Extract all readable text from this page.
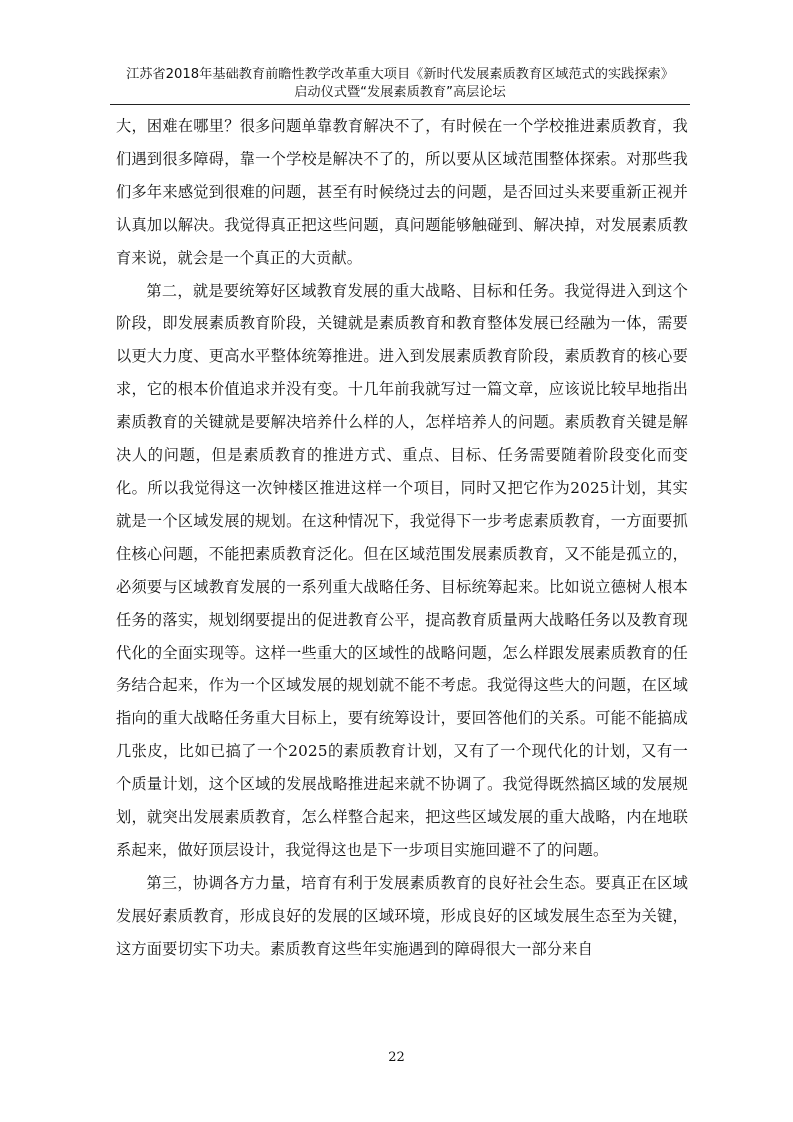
江苏省2018年基础教育前瞻性教学改革重大项目《新时代发展素质教育区域范式的实践探索》
启动仪式暨“发展素质教育”高层论坛

大，困难在哪里？很多问题单靠教育解决不了，有时候在一个学校推进素质教育，我们遇到很多障碍，靠一个学校是解决不了的，所以要从区域范围整体探索。对那些我们多年来感觉到很难的问题，甚至有时候绕过去的问题，是否回过头来要重新正视并认真加以解决。我觉得真正把这些问题，真问题能够触碰到、解决掉，对发展素质教育来说，就会是一个真正的大贡献。

第二，就是要统筹好区域教育发展的重大战略、目标和任务。我觉得进入到这个阶段，即发展素质教育阶段，关键就是素质教育和教育整体发展已经融为一体，需要以更大力度、更高水平整体统筹推进。进入到发展素质教育阶段，素质教育的核心要求，它的根本价值追求并没有变。十几年前我就写过一篇文章，应该说比较早地指出素质教育的关键就是要解决培养什么样的人，怎样培养人的问题。素质教育关键是解决人的问题，但是素质教育的推进方式、重点、目标、任务需要随着阶段变化而变化。所以我觉得这一次钟楼区推进这样一个项目，同时又把它作为2025计划，其实就是一个区域发展的规划。在这种情况下，我觉得下一步考虑素质教育，一方面要抓住核心问题，不能把素质教育泛化。但在区域范围发展素质教育，又不能是孤立的，必须要与区域教育发展的一系列重大战略任务、目标统筹起来。比如说立德树人根本任务的落实，规划纲要提出的促进教育公平，提高教育质量两大战略任务以及教育现代化的全面实现等。这样一些重大的区域性的战略问题，怎么样跟发展素质教育的任务结合起来，作为一个区域发展的规划就不能不考虑。我觉得这些大的问题，在区域指向的重大战略任务重大目标上，要有统筹设计，要回答他们的关系。可能不能搞成几张皮，比如已搞了一个2025的素质教育计划，又有了一个现代化的计划，又有一个质量计划，这个区域的发展战略推进起来就不协调了。我觉得既然搞区域的发展规划，就突出发展素质教育，怎么样整合起来，把这些区域发展的重大战略，内在地联系起来，做好顶层设计，我觉得这也是下一步项目实施回避不了的问题。

第三，协调各方力量，培育有利于发展素质教育的良好社会生态。要真正在区域发展好素质教育，形成良好的发展的区域环境，形成良好的区域发展生态至为关键，这方面要切实下功夫。素质教育这些年实施遇到的障碍很大一部分来自

22
